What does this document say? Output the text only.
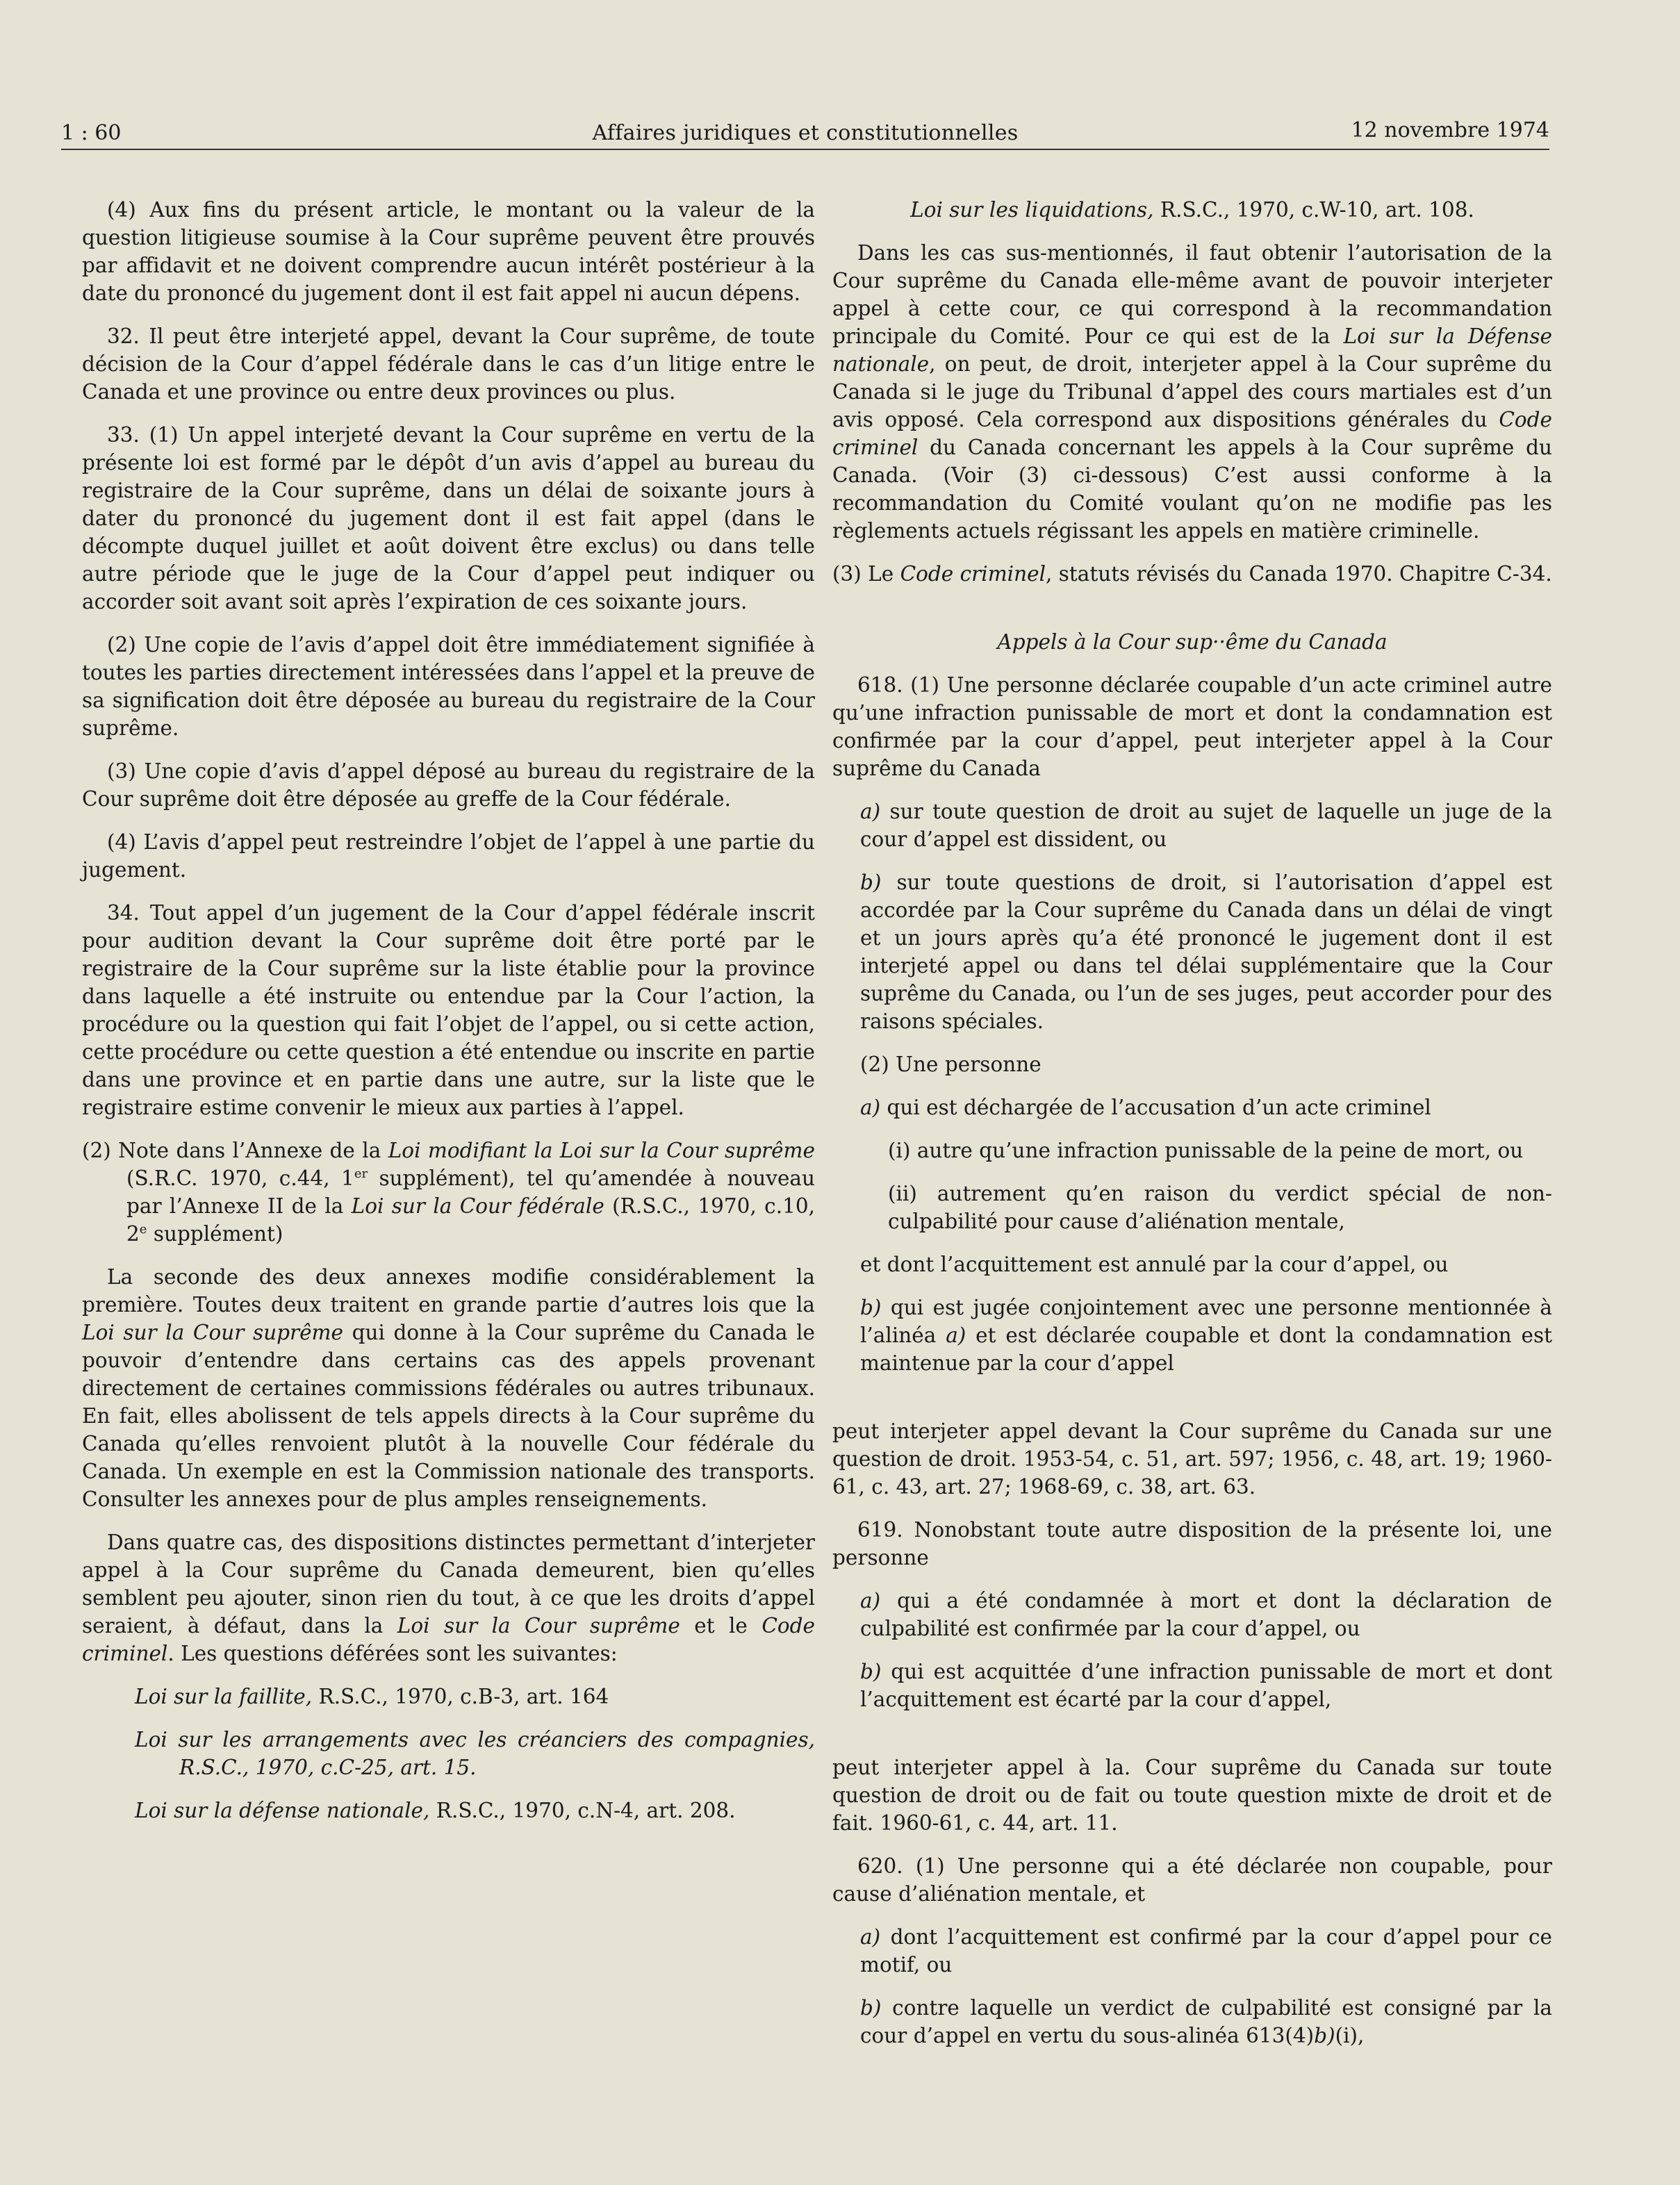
1 : 60	Affaires juridiques et constitutionnelles	12 novembre 1974

(4) Aux fins du présent article, le montant ou la valeur de la question litigieuse soumise à la Cour suprême peuvent être prouvés par affidavit et ne doivent comprendre aucun intérêt postérieur à la date du prononcé du jugement dont il est fait appel ni aucun dépens.

32. Il peut être interjeté appel, devant la Cour suprême, de toute décision de la Cour d’appel fédérale dans le cas d’un litige entre le Canada et une province ou entre deux provinces ou plus.

33. (1) Un appel interjeté devant la Cour suprême en vertu de la présente loi est formé par le dépôt d’un avis d’appel au bureau du registraire de la Cour suprême, dans un délai de soixante jours à dater du prononcé du jugement dont il est fait appel (dans le décompte duquel juillet et août doivent être exclus) ou dans telle autre période que le juge de la Cour d’appel peut indiquer ou accorder soit avant soit après l’expiration de ces soixante jours.

(2) Une copie de l’avis d’appel doit être immédiatement signifiée à toutes les parties directement intéressées dans l’appel et la preuve de sa signification doit être déposée au bureau du registraire de la Cour suprême.

(3) Une copie d’avis d’appel déposé au bureau du registraire de la Cour suprême doit être déposée au greffe de la Cour fédérale.

(4) L’avis d’appel peut restreindre l’objet de l’appel à une partie du jugement.

34. Tout appel d’un jugement de la Cour d’appel fédérale inscrit pour audition devant la Cour suprême doit être porté par le registraire de la Cour suprême sur la liste établie pour la province dans laquelle a été instruite ou entendue par la Cour l’action, la procédure ou la question qui fait l’objet de l’appel, ou si cette action, cette procédure ou cette question a été entendue ou inscrite en partie dans une province et en partie dans une autre, sur la liste que le registraire estime convenir le mieux aux parties à l’appel.

(2) Note dans l’Annexe de la Loi modifiant la Loi sur la Cour suprême (S.R.C. 1970, c.44, 1er supplément), tel qu’amendée à nouveau par l’Annexe II de la Loi sur la Cour fédérale (R.S.C., 1970, c.10, 2e supplément)

La seconde des deux annexes modifie considérablement la première. Toutes deux traitent en grande partie d’autres lois que la Loi sur la Cour suprême qui donne à la Cour suprême du Canada le pouvoir d’entendre dans certains cas des appels provenant directement de certaines commissions fédérales ou autres tribunaux. En fait, elles abolissent de tels appels directs à la Cour suprême du Canada qu’elles renvoient plutôt à la nouvelle Cour fédérale du Canada. Un exemple en est la Commission nationale des transports. Consulter les annexes pour de plus amples renseignements.

Dans quatre cas, des dispositions distinctes permettant d’interjeter appel à la Cour suprême du Canada demeurent, bien qu’elles semblent peu ajouter, sinon rien du tout, à ce que les droits d’appel seraient, à défaut, dans la Loi sur la Cour suprême et le Code criminel. Les questions déférées sont les suivantes:

Loi sur la faillite, R.S.C., 1970, c.B-3, art. 164

Loi sur les arrangements avec les créanciers des compagnies, R.S.C., 1970, c.C-25, art. 15.

Loi sur la défense nationale, R.S.C., 1970, c.N-4, art. 208.

Loi sur les liquidations, R.S.C., 1970, c.W-10, art. 108.

Dans les cas sus-mentionnés, il faut obtenir l’autorisation de la Cour suprême du Canada elle-même avant de pouvoir interjeter appel à cette cour, ce qui correspond à la recommandation principale du Comité. Pour ce qui est de la Loi sur la Défense nationale, on peut, de droit, interjeter appel à la Cour suprême du Canada si le juge du Tribunal d’appel des cours martiales est d’un avis opposé. Cela correspond aux dispositions générales du Code criminel du Canada concernant les appels à la Cour suprême du Canada. (Voir (3) ci-dessous) C’est aussi conforme à la recommandation du Comité voulant qu’on ne modifie pas les règlements actuels régissant les appels en matière criminelle.

(3) Le Code criminel, statuts révisés du Canada 1970. Chapitre C-34.

Appels à la Cour sup··ême du Canada

618. (1) Une personne déclarée coupable d’un acte criminel autre qu’une infraction punissable de mort et dont la condamnation est confirmée par la cour d’appel, peut interjeter appel à la Cour suprême du Canada

a) sur toute question de droit au sujet de laquelle un juge de la cour d’appel est dissident, ou

b) sur toute questions de droit, si l’autorisation d’appel est accordée par la Cour suprême du Canada dans un délai de vingt et un jours après qu’a été prononcé le jugement dont il est interjeté appel ou dans tel délai supplémentaire que la Cour suprême du Canada, ou l’un de ses juges, peut accorder pour des raisons spéciales.

(2) Une personne

a) qui est déchargée de l’accusation d’un acte criminel

(i) autre qu’une infraction punissable de la peine de mort, ou

(ii) autrement qu’en raison du verdict spécial de non-culpabilité pour cause d’aliénation mentale,

et dont l’acquittement est annulé par la cour d’appel, ou

b) qui est jugée conjointement avec une personne mentionnée à l’alinéa a) et est déclarée coupable et dont la condamnation est maintenue par la cour d’appel

peut interjeter appel devant la Cour suprême du Canada sur une question de droit. 1953-54, c. 51, art. 597; 1956, c. 48, art. 19; 1960-61, c. 43, art. 27; 1968-69, c. 38, art. 63.

619. Nonobstant toute autre disposition de la présente loi, une personne

a) qui a été condamnée à mort et dont la déclaration de culpabilité est confirmée par la cour d’appel, ou

b) qui est acquittée d’une infraction punissable de mort et dont l’acquittement est écarté par la cour d’appel,

peut interjeter appel à la. Cour suprême du Canada sur toute question de droit ou de fait ou toute question mixte de droit et de fait. 1960-61, c. 44, art. 11.

620. (1) Une personne qui a été déclarée non coupable, pour cause d’aliénation mentale, et

a) dont l’acquittement est confirmé par la cour d’appel pour ce motif, ou

b) contre laquelle un verdict de culpabilité est consigné par la cour d’appel en vertu du sous-alinéa 613(4)b)(i),
